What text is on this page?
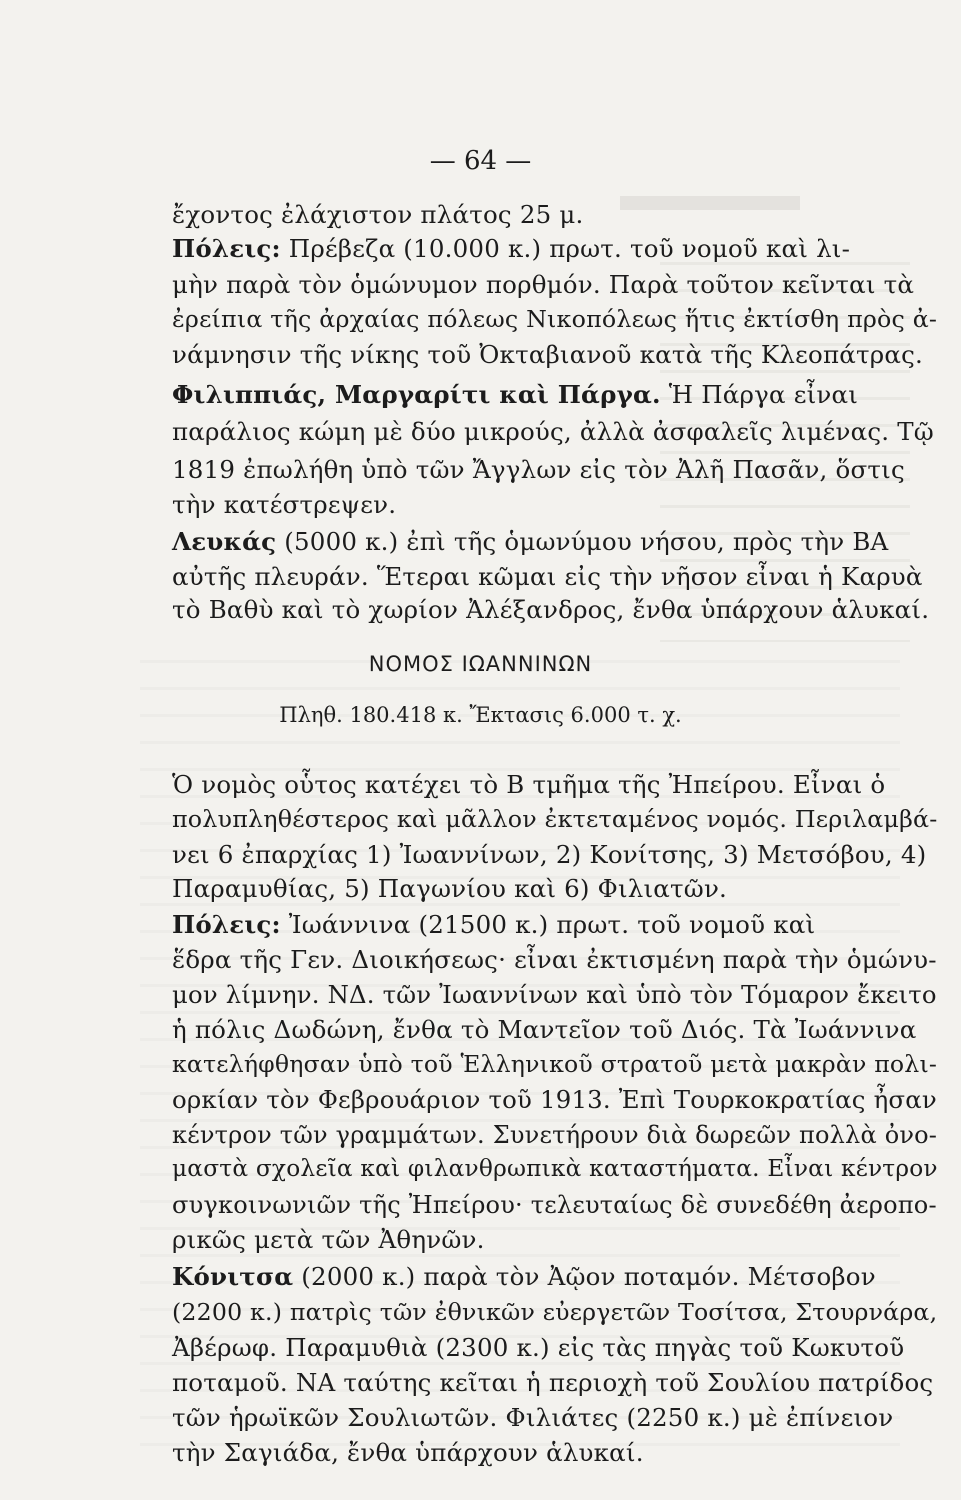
— 64 —
ἔχοντος ἐλάχιστον πλάτος 25 μ.
Πόλεις: Πρέβεζα (10.000 κ.) πρωτ. τοῦ νομοῦ καὶ λι-
μὴν παρὰ τὸν ὁμώνυμον πορθμόν. Παρὰ τοῦτον κεῖνται τὰ
ἐρείπια τῆς ἀρχαίας πόλεως Νικοπόλεως ἥτις ἐκτίσθη πρὸς ἀ-
νάμνησιν τῆς νίκης τοῦ Ὀκταβιανοῦ κατὰ τῆς Κλεοπάτρας.
Φιλιππιάς, Μαργαρίτι καὶ Πάργα. Ἡ Πάργα εἶναι
παράλιος κώμη μὲ δύο μικρούς, ἀλλὰ ἀσφαλεῖς λιμένας. Τῷ
1819 ἐπωλήθη ὑπὸ τῶν Ἄγγλων εἰς τὸν Ἀλῆ Πασᾶν, ὅστις
τὴν κατέστρεψεν.
Λευκάς (5000 κ.) ἐπὶ τῆς ὁμωνύμου νήσου, πρὸς τὴν ΒΑ
αὐτῆς πλευράν. Ἕτεραι κῶμαι εἰς τὴν νῆσον εἶναι ἡ Καρυὰ
τὸ Βαθὺ καὶ τὸ χωρίον Ἀλέξανδρος, ἔνθα ὑπάρχουν ἁλυκαί.
ΝΟΜΟΣ ΙΩΑΝΝΙΝΩΝ
Πληθ. 180.418 κ. Ἔκτασις 6.000 τ. χ.
Ὁ νομὸς οὗτος κατέχει τὸ Β τμῆμα τῆς Ἠπείρου. Εἶναι ὁ
πολυπληθέστερος καὶ μᾶλλον ἐκτεταμένος νομός. Περιλαμβά-
νει 6 ἐπαρχίας 1) Ἰωαννίνων, 2) Κονίτσης, 3) Μετσόβου, 4)
Παραμυθίας, 5) Παγωνίου καὶ 6) Φιλιατῶν.
Πόλεις: Ἰωάννινα (21500 κ.) πρωτ. τοῦ νομοῦ καὶ
ἕδρα τῆς Γεν. Διοικήσεως· εἶναι ἐκτισμένη παρὰ τὴν ὁμώνυ-
μον λίμνην. ΝΔ. τῶν Ἰωαννίνων καὶ ὑπὸ τὸν Τόμαρον ἔκειτο
ἡ πόλις Δωδώνη, ἔνθα τὸ Μαντεῖον τοῦ Διός. Τὰ Ἰωάννινα
κατελήφθησαν ὑπὸ τοῦ Ἑλληνικοῦ στρατοῦ μετὰ μακρὰν πολι-
ορκίαν τὸν Φεβρουάριον τοῦ 1913. Ἐπὶ Τουρκοκρατίας ἦσαν
κέντρον τῶν γραμμάτων. Συνετήρουν διὰ δωρεῶν πολλὰ ὀνο-
μαστὰ σχολεῖα καὶ φιλανθρωπικὰ καταστήματα. Εἶναι κέντρον
συγκοινωνιῶν τῆς Ἠπείρου· τελευταίως δὲ συνεδέθη ἀεροπο-
ρικῶς μετὰ τῶν Ἀθηνῶν.
Κόνιτσα (2000 κ.) παρὰ τὸν Ἀῷον ποταμόν. Μέτσοβον
(2200 κ.) πατρὶς τῶν ἐθνικῶν εὐεργετῶν Τοσίτσα, Στουρνάρα,
Ἀβέρωφ. Παραμυθιὰ (2300 κ.) εἰς τὰς πηγὰς τοῦ Κωκυτοῦ
ποταμοῦ. ΝΑ ταύτης κεῖται ἡ περιοχὴ τοῦ Σουλίου πατρίδος
τῶν ἡρωϊκῶν Σουλιωτῶν. Φιλιάτες (2250 κ.) μὲ ἐπίνειον
τὴν Σαγιάδα, ἔνθα ὑπάρχουν ἁλυκαί.
